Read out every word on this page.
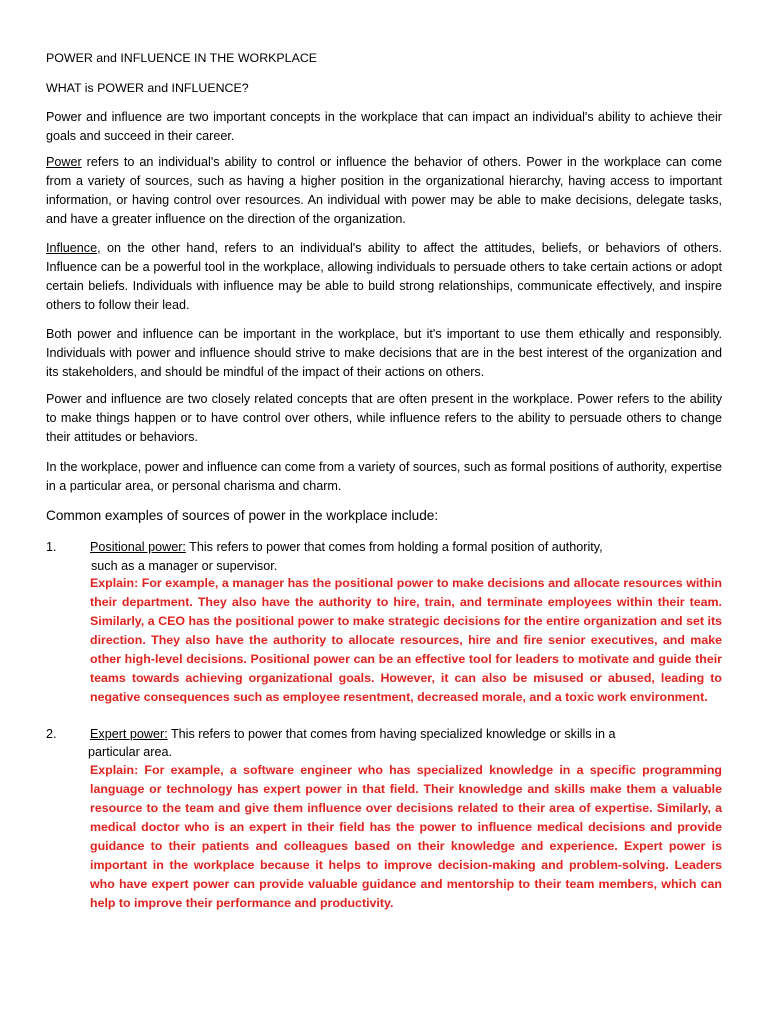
POWER and INFLUENCE IN THE WORKPLACE

WHAT is POWER and INFLUENCE?

Power and influence are two important concepts in the workplace that can impact an individual's ability to achieve their goals and succeed in their career.

Power refers to an individual's ability to control or influence the behavior of others. Power in the workplace can come from a variety of sources, such as having a higher position in the organizational hierarchy, having access to important information, or having control over resources. An individual with power may be able to make decisions, delegate tasks, and have a greater influence on the direction of the organization.

Influence, on the other hand, refers to an individual's ability to affect the attitudes, beliefs, or behaviors of others. Influence can be a powerful tool in the workplace, allowing individuals to persuade others to take certain actions or adopt certain beliefs. Individuals with influence may be able to build strong relationships, communicate effectively, and inspire others to follow their lead.

Both power and influence can be important in the workplace, but it's important to use them ethically and responsibly. Individuals with power and influence should strive to make decisions that are in the best interest of the organization and its stakeholders, and should be mindful of the impact of their actions on others.

Power and influence are two closely related concepts that are often present in the workplace. Power refers to the ability to make things happen or to have control over others, while influence refers to the ability to persuade others to change their attitudes or behaviors.

In the workplace, power and influence can come from a variety of sources, such as formal positions of authority, expertise in a particular area, or personal charisma and charm.

Common examples of sources of power in the workplace include:

1.	Positional power: This refers to power that comes from holding a formal position of authority,

such as a manager or supervisor.

Explain: For example, a manager has the positional power to make decisions and allocate resources within their department. They also have the authority to hire, train, and terminate employees within their team. Similarly, a CEO has the positional power to make strategic decisions for the entire organization and set its direction. They also have the authority to allocate resources, hire and fire senior executives, and make other high-level decisions. Positional power can be an effective tool for leaders to motivate and guide their teams towards achieving organizational goals. However, it can also be misused or abused, leading to negative consequences such as employee resentment, decreased morale, and a toxic work environment.

2.	Expert power: This refers to power that comes from having specialized knowledge or skills in a

particular area.

Explain: For example, a software engineer who has specialized knowledge in a specific programming language or technology has expert power in that field. Their knowledge and skills make them a valuable resource to the team and give them influence over decisions related to their area of expertise. Similarly, a medical doctor who is an expert in their field has the power to influence medical decisions and provide guidance to their patients and colleagues based on their knowledge and experience. Expert power is important in the workplace because it helps to improve decision-making and problem-solving. Leaders who have expert power can provide valuable guidance and mentorship to their team members, which can help to improve their performance and productivity.
